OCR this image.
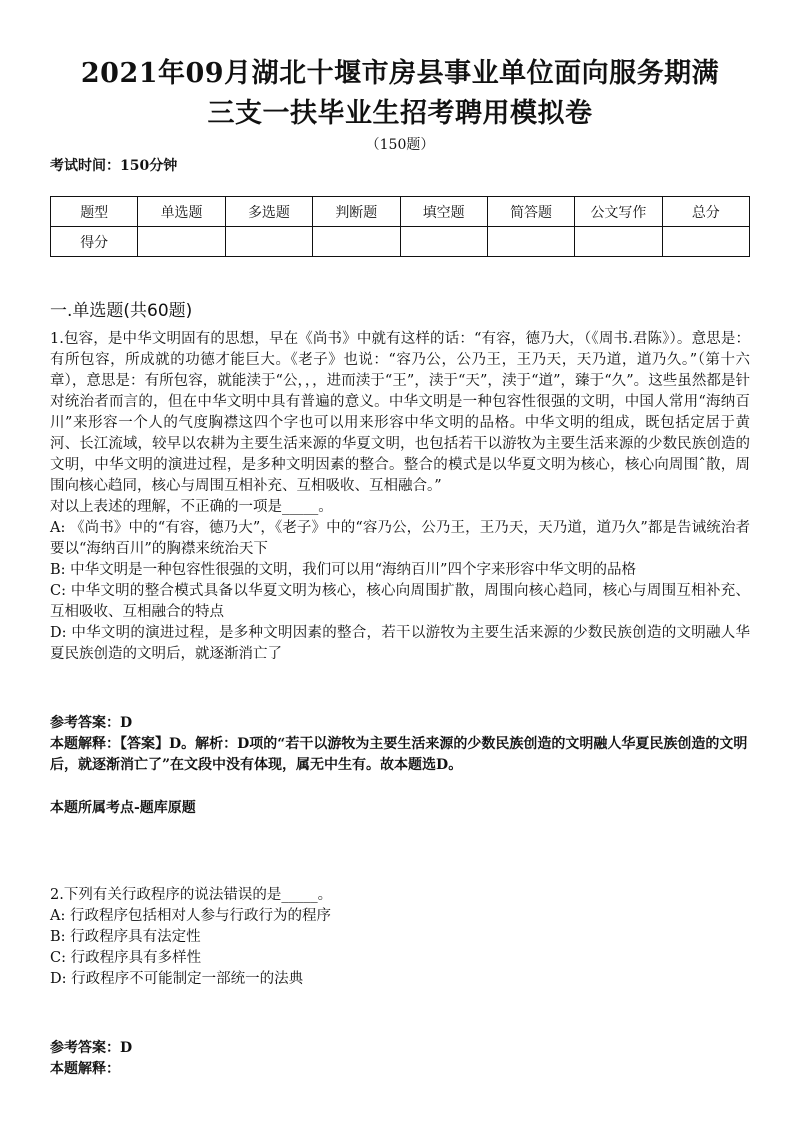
2021年09月湖北十堰市房县事业单位面向服务期满
三支一扶毕业生招考聘用模拟卷
（150题）
考试时间：150分钟
题型	单选题	多选题	判断题	填空题	简答题	公文写作	总分
得分							
一.单选题(共60题)

1.包容，是中华文明固有的思想，早在《尚书》中就有这样的话：“有容，德乃大，（《周书.君陈》）。意思是：有所包容，所成就的功德才能巨大。《老子》也说：“容乃公，公乃王，王乃天，天乃道，道乃久。”（第十六章），意思是：有所包容，就能渎于“公，，，进而渎于“王”，渎于“天”，渎于“道”，臻于“久”。这些虽然都是针对统治者而言的，但在中华文明中具有普遍的意义。中华文明是一种包容性很强的文明，中国人常用“海纳百川”来形容一个人的气度胸襟这四个字也可以用来形容中华文明的品格。中华文明的组成，既包括定居于黄河、长江流域，较早以农耕为主要生活来源的华夏文明，也包括若干以游牧为主要生活来源的少数民族创造的文明，中华文明的演进过程，是多种文明因素的整合。整合的模式是以华夏文明为核心，核心向周围ˆ散，周围向核心趋同，核心与周围互相补充、互相吸收、互相融合。”

对以上表述的理解，不正确的一项是_____。

A: 《尚书》中的“有容，德乃大”，《老子》中的“容乃公，公乃王，王乃天，天乃道，道乃久”都是告诫统治者要以“海纳百川”的胸襟来统治天下

B: 中华文明是一种包容性很强的文明，我们可以用“海纳百川”四个字来形容中华文明的品格

C: 中华文明的整合模式具备以华夏文明为核心，核心向周围扩散，周围向核心趋同，核心与周围互相补充、互相吸收、互相融合的特点

D: 中华文明的演进过程，是多种文明因素的整合，若干以游牧为主要生活来源的少数民族创造的文明融人华夏民族创造的文明后，就逐渐消亡了

参考答案：D

本题解释：【答案】D。解析：D项的“若干以游牧为主要生活来源的少数民族创造的文明融人华夏民族创造的文明后，就逐渐消亡了”在文段中没有体现，属无中生有。故本题选D。

本题所属考点-题库原题

2.下列有关行政程序的说法错误的是_____。

A: 行政程序包括相对人参与行政行为的程序

B: 行政程序具有法定性

C: 行政程序具有多样性

D: 行政程序不可能制定一部统一的法典

参考答案：D

本题解释：
